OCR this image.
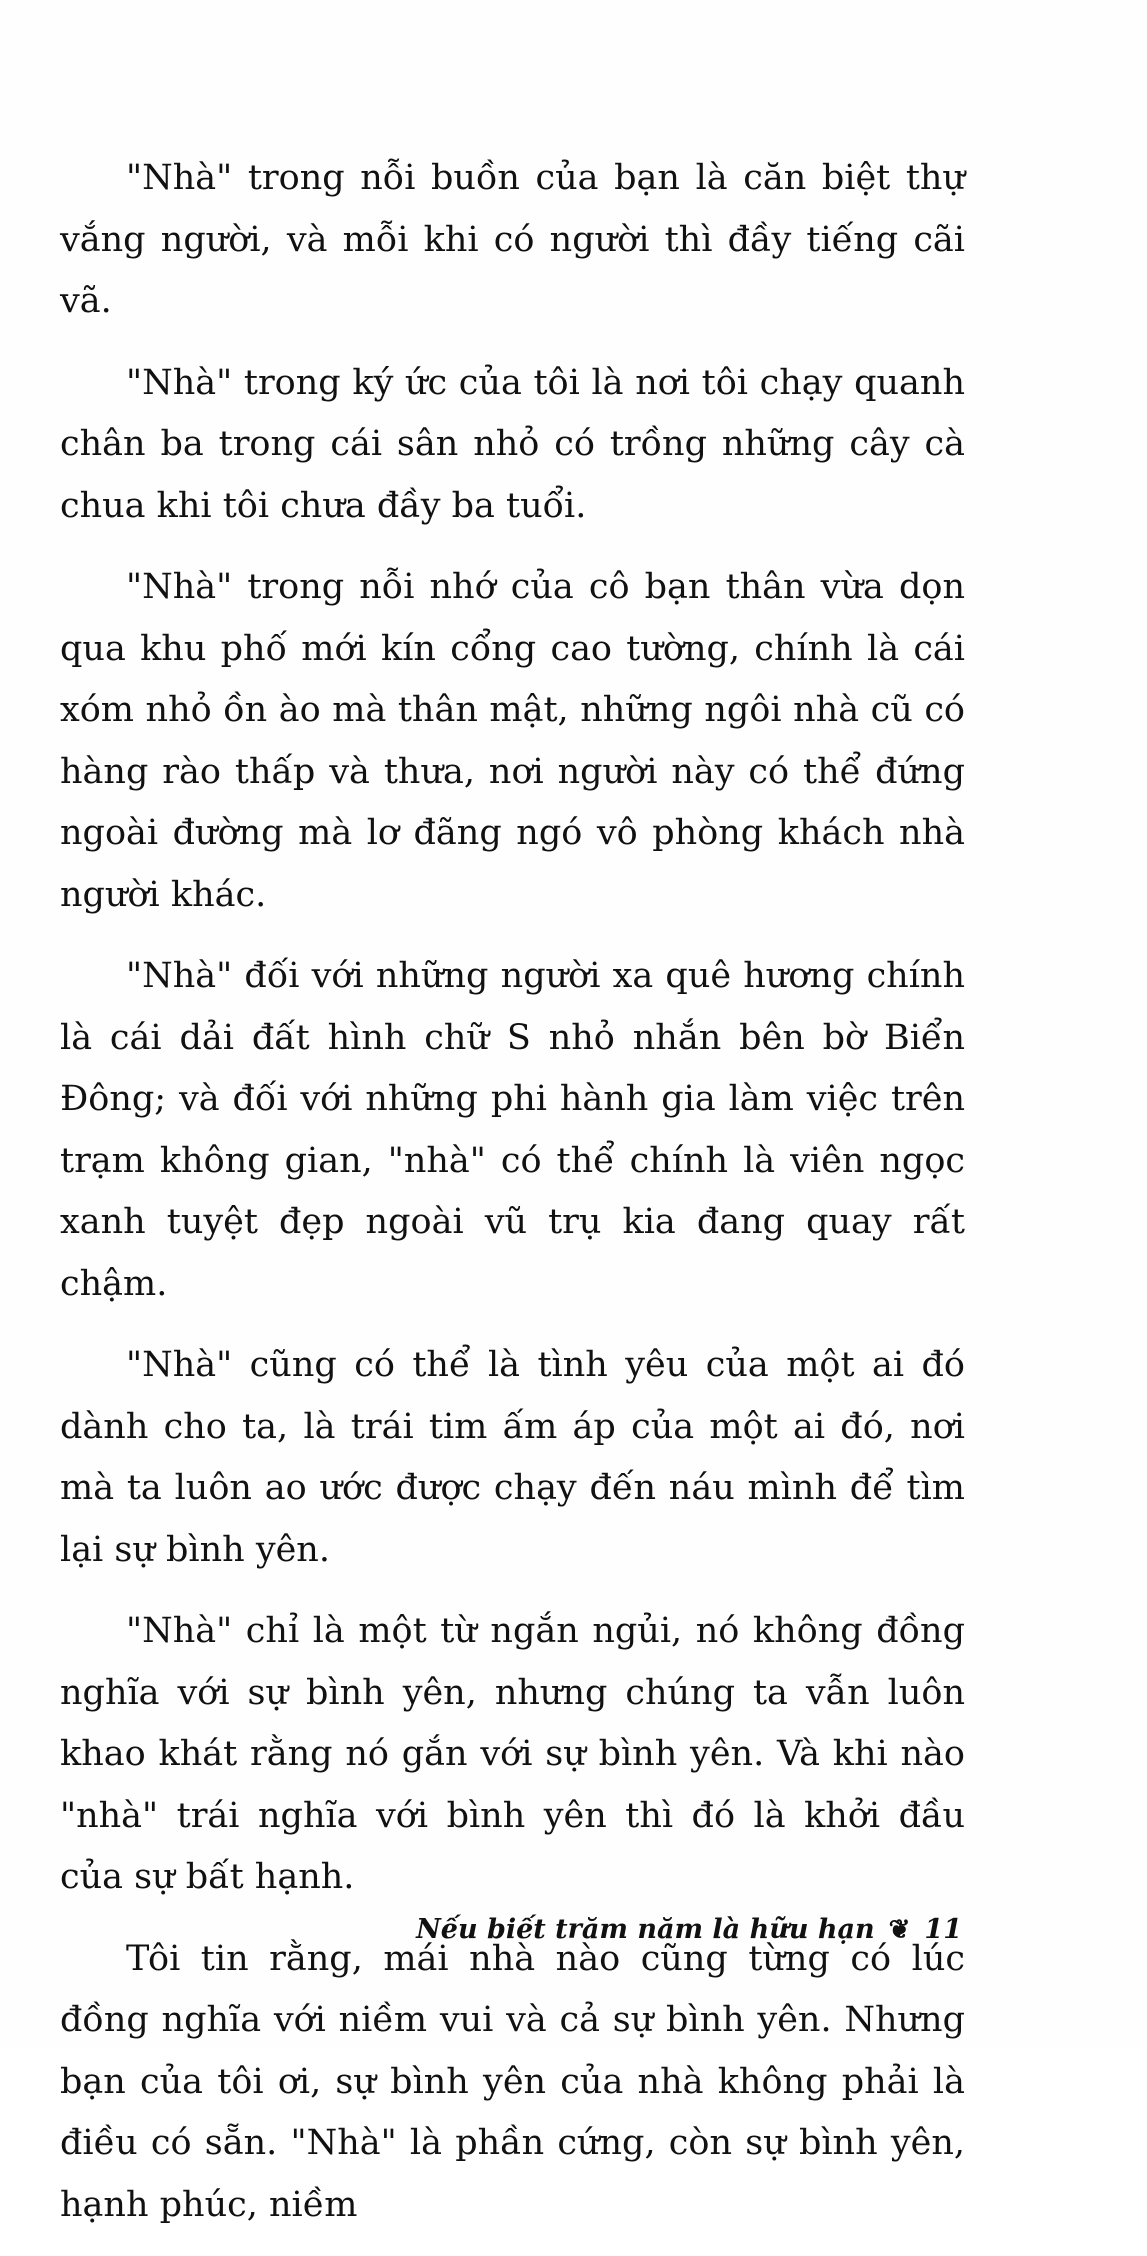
"Nhà" trong nỗi buồn của bạn là căn biệt thự vắng người, và mỗi khi có người thì đầy tiếng cãi vã.

"Nhà" trong ký ức của tôi là nơi tôi chạy quanh chân ba trong cái sân nhỏ có trồng những cây cà chua khi tôi chưa đầy ba tuổi.

"Nhà" trong nỗi nhớ của cô bạn thân vừa dọn qua khu phố mới kín cổng cao tường, chính là cái xóm nhỏ ồn ào mà thân mật, những ngôi nhà cũ có hàng rào thấp và thưa, nơi người này có thể đứng ngoài đường mà lơ đãng ngó vô phòng khách nhà người khác.

"Nhà" đối với những người xa quê hương chính là cái dải đất hình chữ S nhỏ nhắn bên bờ Biển Đông; và đối với những phi hành gia làm việc trên trạm không gian, "nhà" có thể chính là viên ngọc xanh tuyệt đẹp ngoài vũ trụ kia đang quay rất chậm.

"Nhà" cũng có thể là tình yêu của một ai đó dành cho ta, là trái tim ấm áp của một ai đó, nơi mà ta luôn ao ước được chạy đến náu mình để tìm lại sự bình yên.

"Nhà" chỉ là một từ ngắn ngủi, nó không đồng nghĩa với sự bình yên, nhưng chúng ta vẫn luôn khao khát rằng nó gắn với sự bình yên. Và khi nào "nhà" trái nghĩa với bình yên thì đó là khởi đầu của sự bất hạnh.

Tôi tin rằng, mái nhà nào cũng từng có lúc đồng nghĩa với niềm vui và cả sự bình yên. Nhưng bạn của tôi ơi, sự bình yên của nhà không phải là điều có sẵn. "Nhà" là phần cứng, còn sự bình yên, hạnh phúc, niềm

Nếu biết trăm năm là hữu hạn ❦ 11
